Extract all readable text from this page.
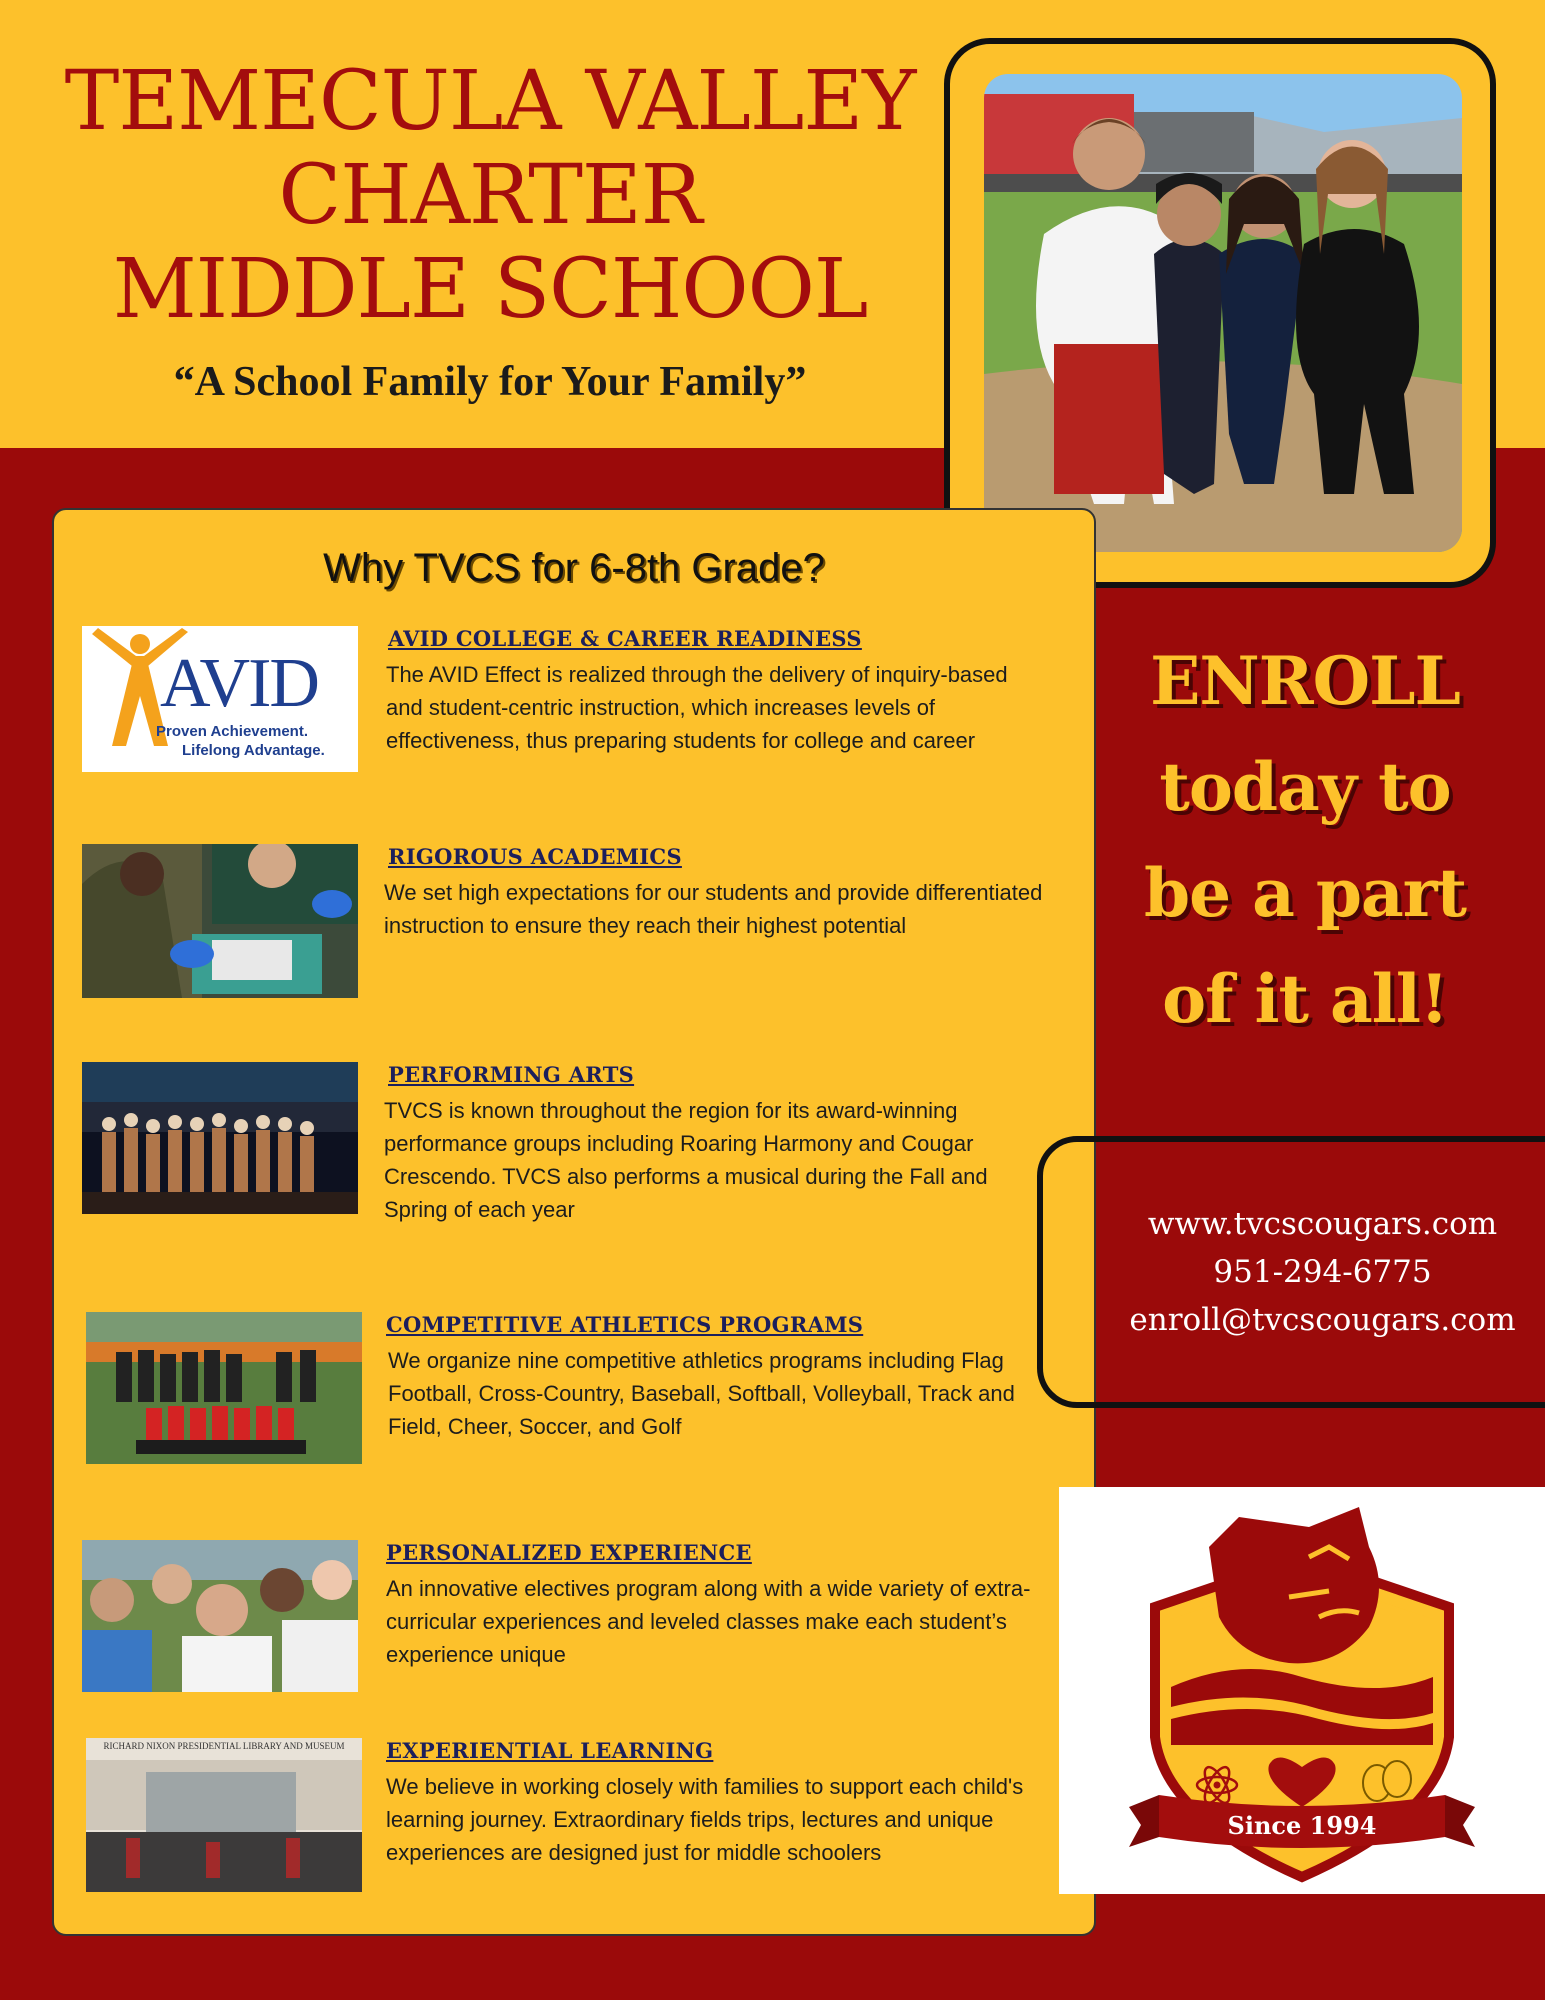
TEMECULA VALLEY
CHARTER
MIDDLE SCHOOL
“A School Family for Your Family”
Why TVCS for 6-8th Grade?
AVID
Proven Achievement.
Lifelong Advantage.
AVID COLLEGE & CAREER READINESS
The AVID Effect is realized through the delivery of inquiry-based and student-centric instruction, which increases levels of effectiveness, thus preparing students for college and career
RIGOROUS ACADEMICS
We set high expectations for our students and provide differentiated instruction to ensure they reach their highest potential
PERFORMING ARTS
TVCS is known throughout the region for its award-winning performance groups including Roaring Harmony and Cougar Crescendo. TVCS also performs a musical during the Fall and Spring of each year
COMPETITIVE ATHLETICS PROGRAMS
We organize nine competitive athletics programs including Flag Football, Cross-Country, Baseball, Softball, Volleyball, Track and Field, Cheer, Soccer, and Golf
PERSONALIZED EXPERIENCE
An innovative electives program along with a wide variety of extra-curricular experiences and leveled classes make each student’s experience unique
RICHARD NIXON PRESIDENTIAL LIBRARY AND MUSEUM	EXPERIENTIAL LEARNING
We believe in working closely with families to support each child's learning journey. Extraordinary fields trips, lectures and unique experiences are designed just for middle schoolers
ENROLL
today to
be a part
of it all!
www.tvcscougars.com
951-294-6775
enroll@tvcscougars.com
Since 1994
